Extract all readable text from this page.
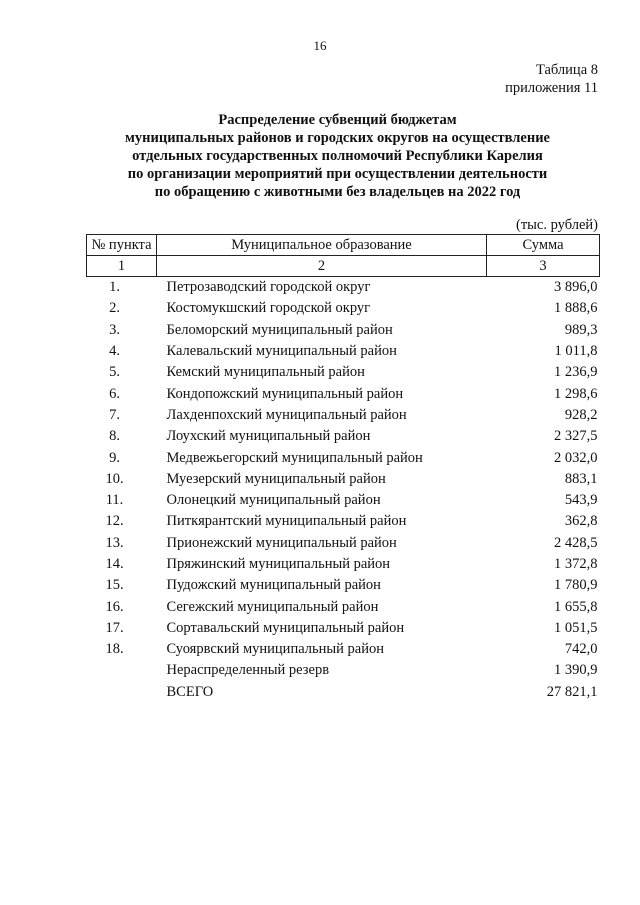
16
Таблица 8
приложения 11
Распределение субвенций бюджетам
муниципальных районов и городских округов на осуществление
отдельных государственных полномочий Республики Карелия
по организации мероприятий при осуществлении деятельности
по обращению с животными без владельцев на 2022 год
(тыс. рублей)
№ пункта	Муниципальное образование	Сумма
1	2	3
1.	Петрозаводский городской округ	3 896,0
2.	Костомукшский городской округ	1 888,6
3.	Беломорский муниципальный район	989,3
4.	Калевальский муниципальный район	1 011,8
5.	Кемский муниципальный район	1 236,9
6.	Кондопожский муниципальный район	1 298,6
7.	Лахденпохский муниципальный район	928,2
8.	Лоухский муниципальный район	2 327,5
9.	Медвежьегорский муниципальный район	2 032,0
10.	Муезерский муниципальный район	883,1
11.	Олонецкий муниципальный район	543,9
12.	Питкярантский муниципальный район	362,8
13.	Прионежский муниципальный район	2 428,5
14.	Пряжинский муниципальный район	1 372,8
15.	Пудожский муниципальный район	1 780,9
16.	Сегежский муниципальный район	1 655,8
17.	Сортавальский муниципальный район	1 051,5
18.	Суоярвский муниципальный район	742,0
	Нераспределенный резерв	1 390,9
	ВСЕГО	27 821,1
